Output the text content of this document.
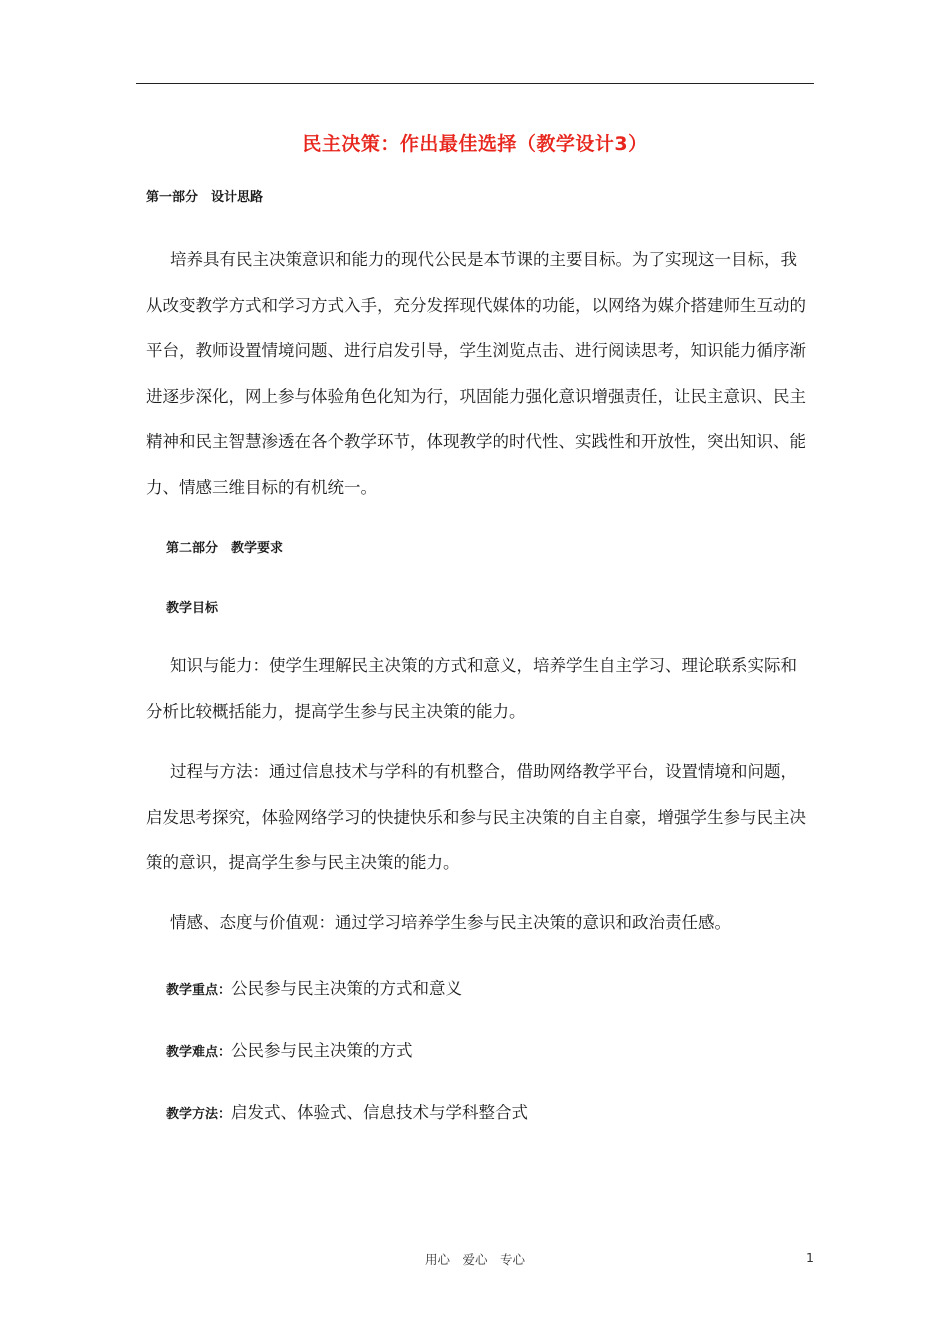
民主决策：作出最佳选择（教学设计3）
第一部分　设计思路
培养具有民主决策意识和能力的现代公民是本节课的主要目标。为了实现这一目标，我从改变教学方式和学习方式入手，充分发挥现代媒体的功能，以网络为媒介搭建师生互动的平台，教师设置情境问题、进行启发引导，学生浏览点击、进行阅读思考，知识能力循序渐进逐步深化，网上参与体验角色化知为行，巩固能力强化意识增强责任，让民主意识、民主精神和民主智慧渗透在各个教学环节，体现教学的时代性、实践性和开放性，突出知识、能力、情感三维目标的有机统一。
第二部分　教学要求
教学目标
知识与能力：使学生理解民主决策的方式和意义，培养学生自主学习、理论联系实际和分析比较概括能力，提高学生参与民主决策的能力。
过程与方法：通过信息技术与学科的有机整合，借助网络教学平台，设置情境和问题，启发思考探究，体验网络学习的快捷快乐和参与民主决策的自主自豪，增强学生参与民主决策的意识，提高学生参与民主决策的能力。
情感、态度与价值观：通过学习培养学生参与民主决策的意识和政治责任感。
教学重点：公民参与民主决策的方式和意义
教学难点：公民参与民主决策的方式
教学方法：启发式、体验式、信息技术与学科整合式
用心　爱心　专心	1
